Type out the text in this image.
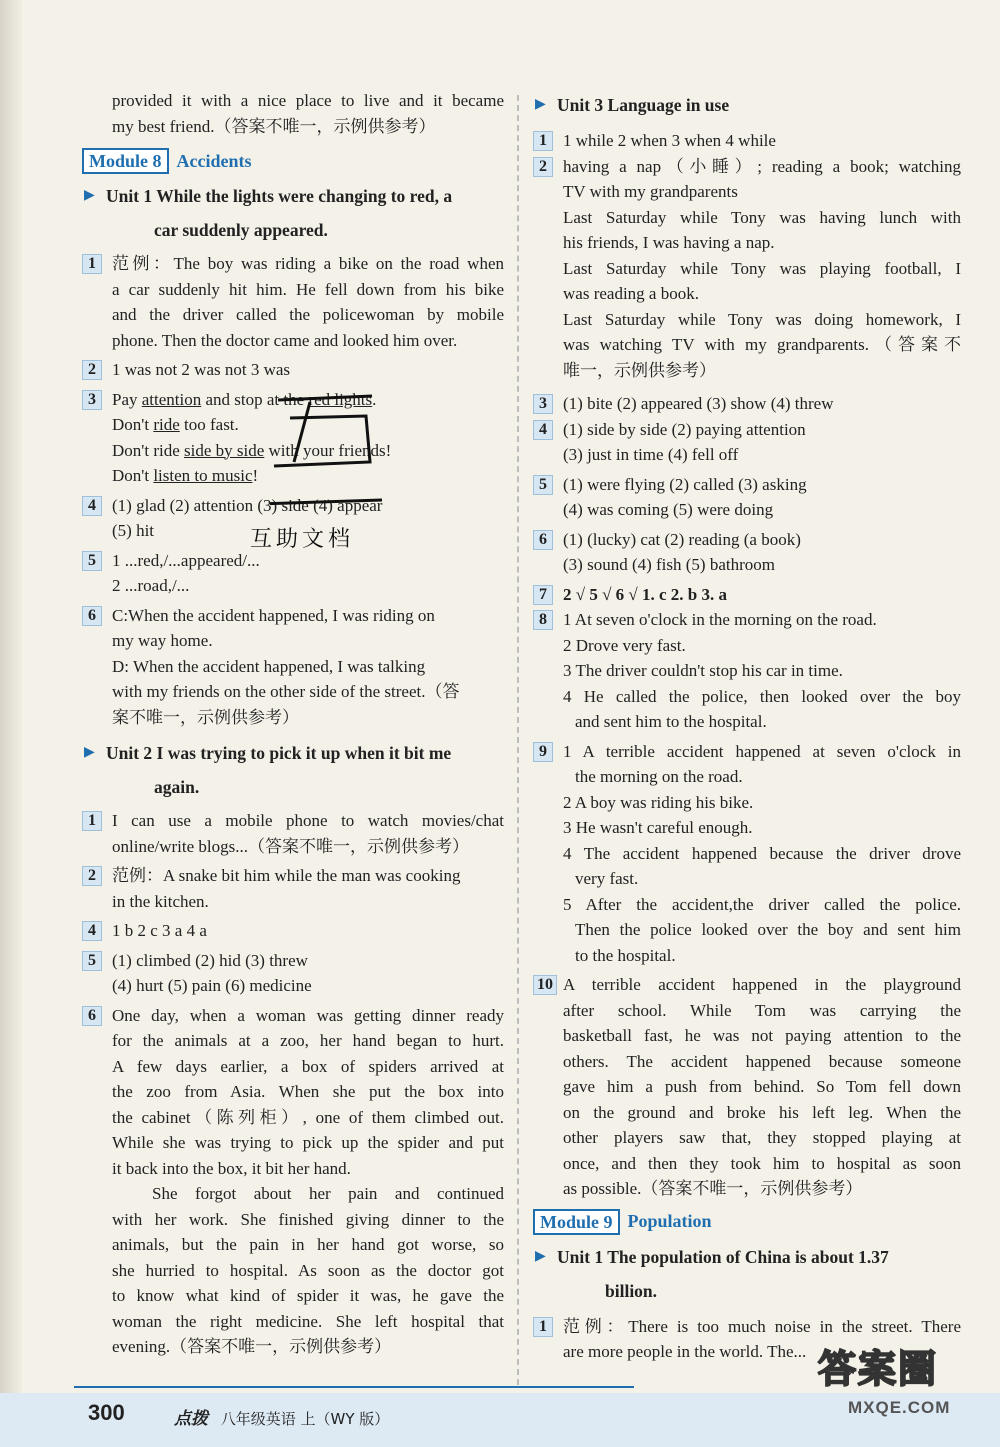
provided it with a nice place to live and it became
my best friend.（答案不唯一，示例供参考）
Module 8 Accidents
▶ Unit 1 While the lights were changing to red, a
car suddenly appeared.
1 范例：The boy was riding a bike on the road when
a car suddenly hit him. He fell down from his bike
and the driver called the policewoman by mobile
phone. Then the doctor came and looked him over.
2 1 was not 2 was not 3 was
3 Pay attention and stop at the red lights.
Don't ride too fast.
Don't ride side by side with your friends!
Don't listen to music!
4 (1) glad (2) attention (3) side (4) appear
(5) hit
5 1 ...red,/...appeared/...
2 ...road,/...
6 C:When the accident happened, I was riding on
my way home.
D: When the accident happened, I was talking
with my friends on the other side of the street.（答
案不唯一，示例供参考）
▶ Unit 2 I was trying to pick it up when it bit me
again.
1 I can use a mobile phone to watch movies/chat
online/write blogs...（答案不唯一，示例供参考）
2 范例：A snake bit him while the man was cooking
in the kitchen.
4 1 b 2 c 3 a 4 a
5 (1) climbed (2) hid (3) threw
(4) hurt (5) pain (6) medicine
6 One day, when a woman was getting dinner ready
for the animals at a zoo, her hand began to hurt.
A few days earlier, a box of spiders arrived at
the zoo from Asia. When she put the box into
the cabinet（陈列柜）, one of them climbed out.
While she was trying to pick up the spider and put
it back into the box, it bit her hand.
She forgot about her pain and continued
with her work. She finished giving dinner to the
animals, but the pain in her hand got worse, so
she hurried to hospital. As soon as the doctor got
to know what kind of spider it was, he gave the
woman the right medicine. She left hospital that
evening.（答案不唯一，示例供参考）
互助文档
▶ Unit 3 Language in use
1 1 while 2 when 3 when 4 while
2 having a nap（小睡）; reading a book; watching
TV with my grandparents
Last Saturday while Tony was having lunch with
his friends, I was having a nap.
Last Saturday while Tony was playing football, I
was reading a book.
Last Saturday while Tony was doing homework, I
was watching TV with my grandparents.（答案不
唯一，示例供参考）
3 (1) bite (2) appeared (3) show (4) threw
4 (1) side by side (2) paying attention
(3) just in time (4) fell off
5 (1) were flying (2) called (3) asking
(4) was coming (5) were doing
6 (1) (lucky) cat (2) reading (a book)
(3) sound (4) fish (5) bathroom
7 2 √ 5 √ 6 √ 1. c 2. b 3. a
8 1 At seven o'clock in the morning on the road.
2 Drove very fast.
3 The driver couldn't stop his car in time.
4 He called the police, then looked over the boy
and sent him to the hospital.
9 1 A terrible accident happened at seven o'clock in
the morning on the road.
2 A boy was riding his bike.
3 He wasn't careful enough.
4 The accident happened because the driver drove
very fast.
5 After the accident,the driver called the police.
Then the police looked over the boy and sent him
to the hospital.
10 A terrible accident happened in the playground
after school. While Tom was carrying the
basketball fast, he was not paying attention to the
others. The accident happened because someone
gave him a push from behind. So Tom fell down
on the ground and broke his left leg. When the
other players saw that, they stopped playing at
once, and then they took him to hospital as soon
as possible.（答案不唯一，示例供参考）
Module 9 Population
▶ Unit 1 The population of China is about 1.37
billion.
1 范例：There is too much noise in the street. There
are more people in the world. The...
300	点拨 八年级英语 上（WY 版）
答案圈
MXQE.COM
